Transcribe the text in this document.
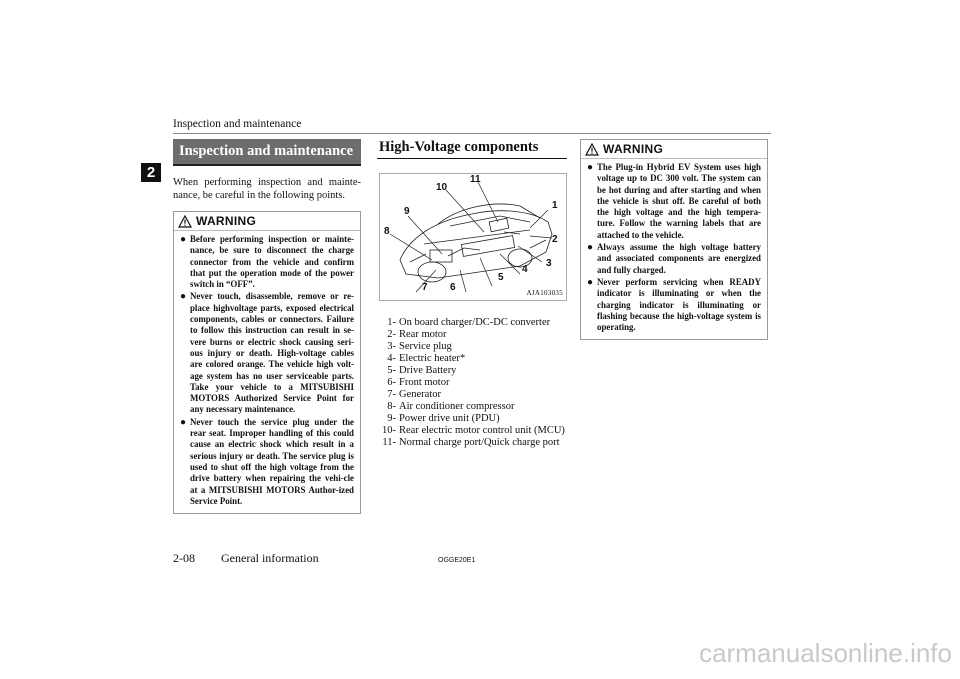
Inspection and maintenance
2
Inspection and maintenance

When performing inspection and mainte-nance, be careful in the following points.

WARNING
● Before performing inspection or mainte-nance, be sure to disconnect the charge connector from the vehicle and confirm that put the operation mode of the power switch in “OFF”.
● Never touch, disassemble, remove or re-place highvoltage parts, exposed electrical components, cables or connectors. Failure to follow this instruction can result in se-vere burns or electric shock causing seri-ous injury or death. High-voltage cables are colored orange. The vehicle high volt-age system has no user serviceable parts. Take your vehicle to a MITSUBISHI MOTORS Authorized Service Point for any necessary maintenance.
● Never touch the service plug under the rear seat. Improper handling of this could cause an electric shock which result in a serious injury or death. The service plug is used to shut off the high voltage from the drive battery when repairing the vehi-cle at a MITSUBISHI MOTORS Author-ized Service Point.
High-Voltage components
1
2
3
4
5
6
7
8
9
10
11
AJA103035
1- On board charger/DC-DC converter
2- Rear motor
3- Service plug
4- Electric heater*
5- Drive Battery
6- Front motor
7- Generator
8- Air conditioner compressor
9- Power drive unit (PDU)
10- Rear electric motor control unit (MCU)
11- Normal charge port/Quick charge port
WARNING
● The Plug-in Hybrid EV System uses high voltage up to DC 300 volt. The system can be hot during and after starting and when the vehicle is shut off. Be careful of both the high voltage and the high tempera-ture. Follow the warning labels that are attached to the vehicle.
● Always assume the high voltage battery and associated components are energized and fully charged.
● Never perform servicing when READY indicator is illuminating or when the charging indicator is illuminating or flashing because the high-voltage system is operating.
2-08 General information	OGGE20E1
carmanualsonline.info
